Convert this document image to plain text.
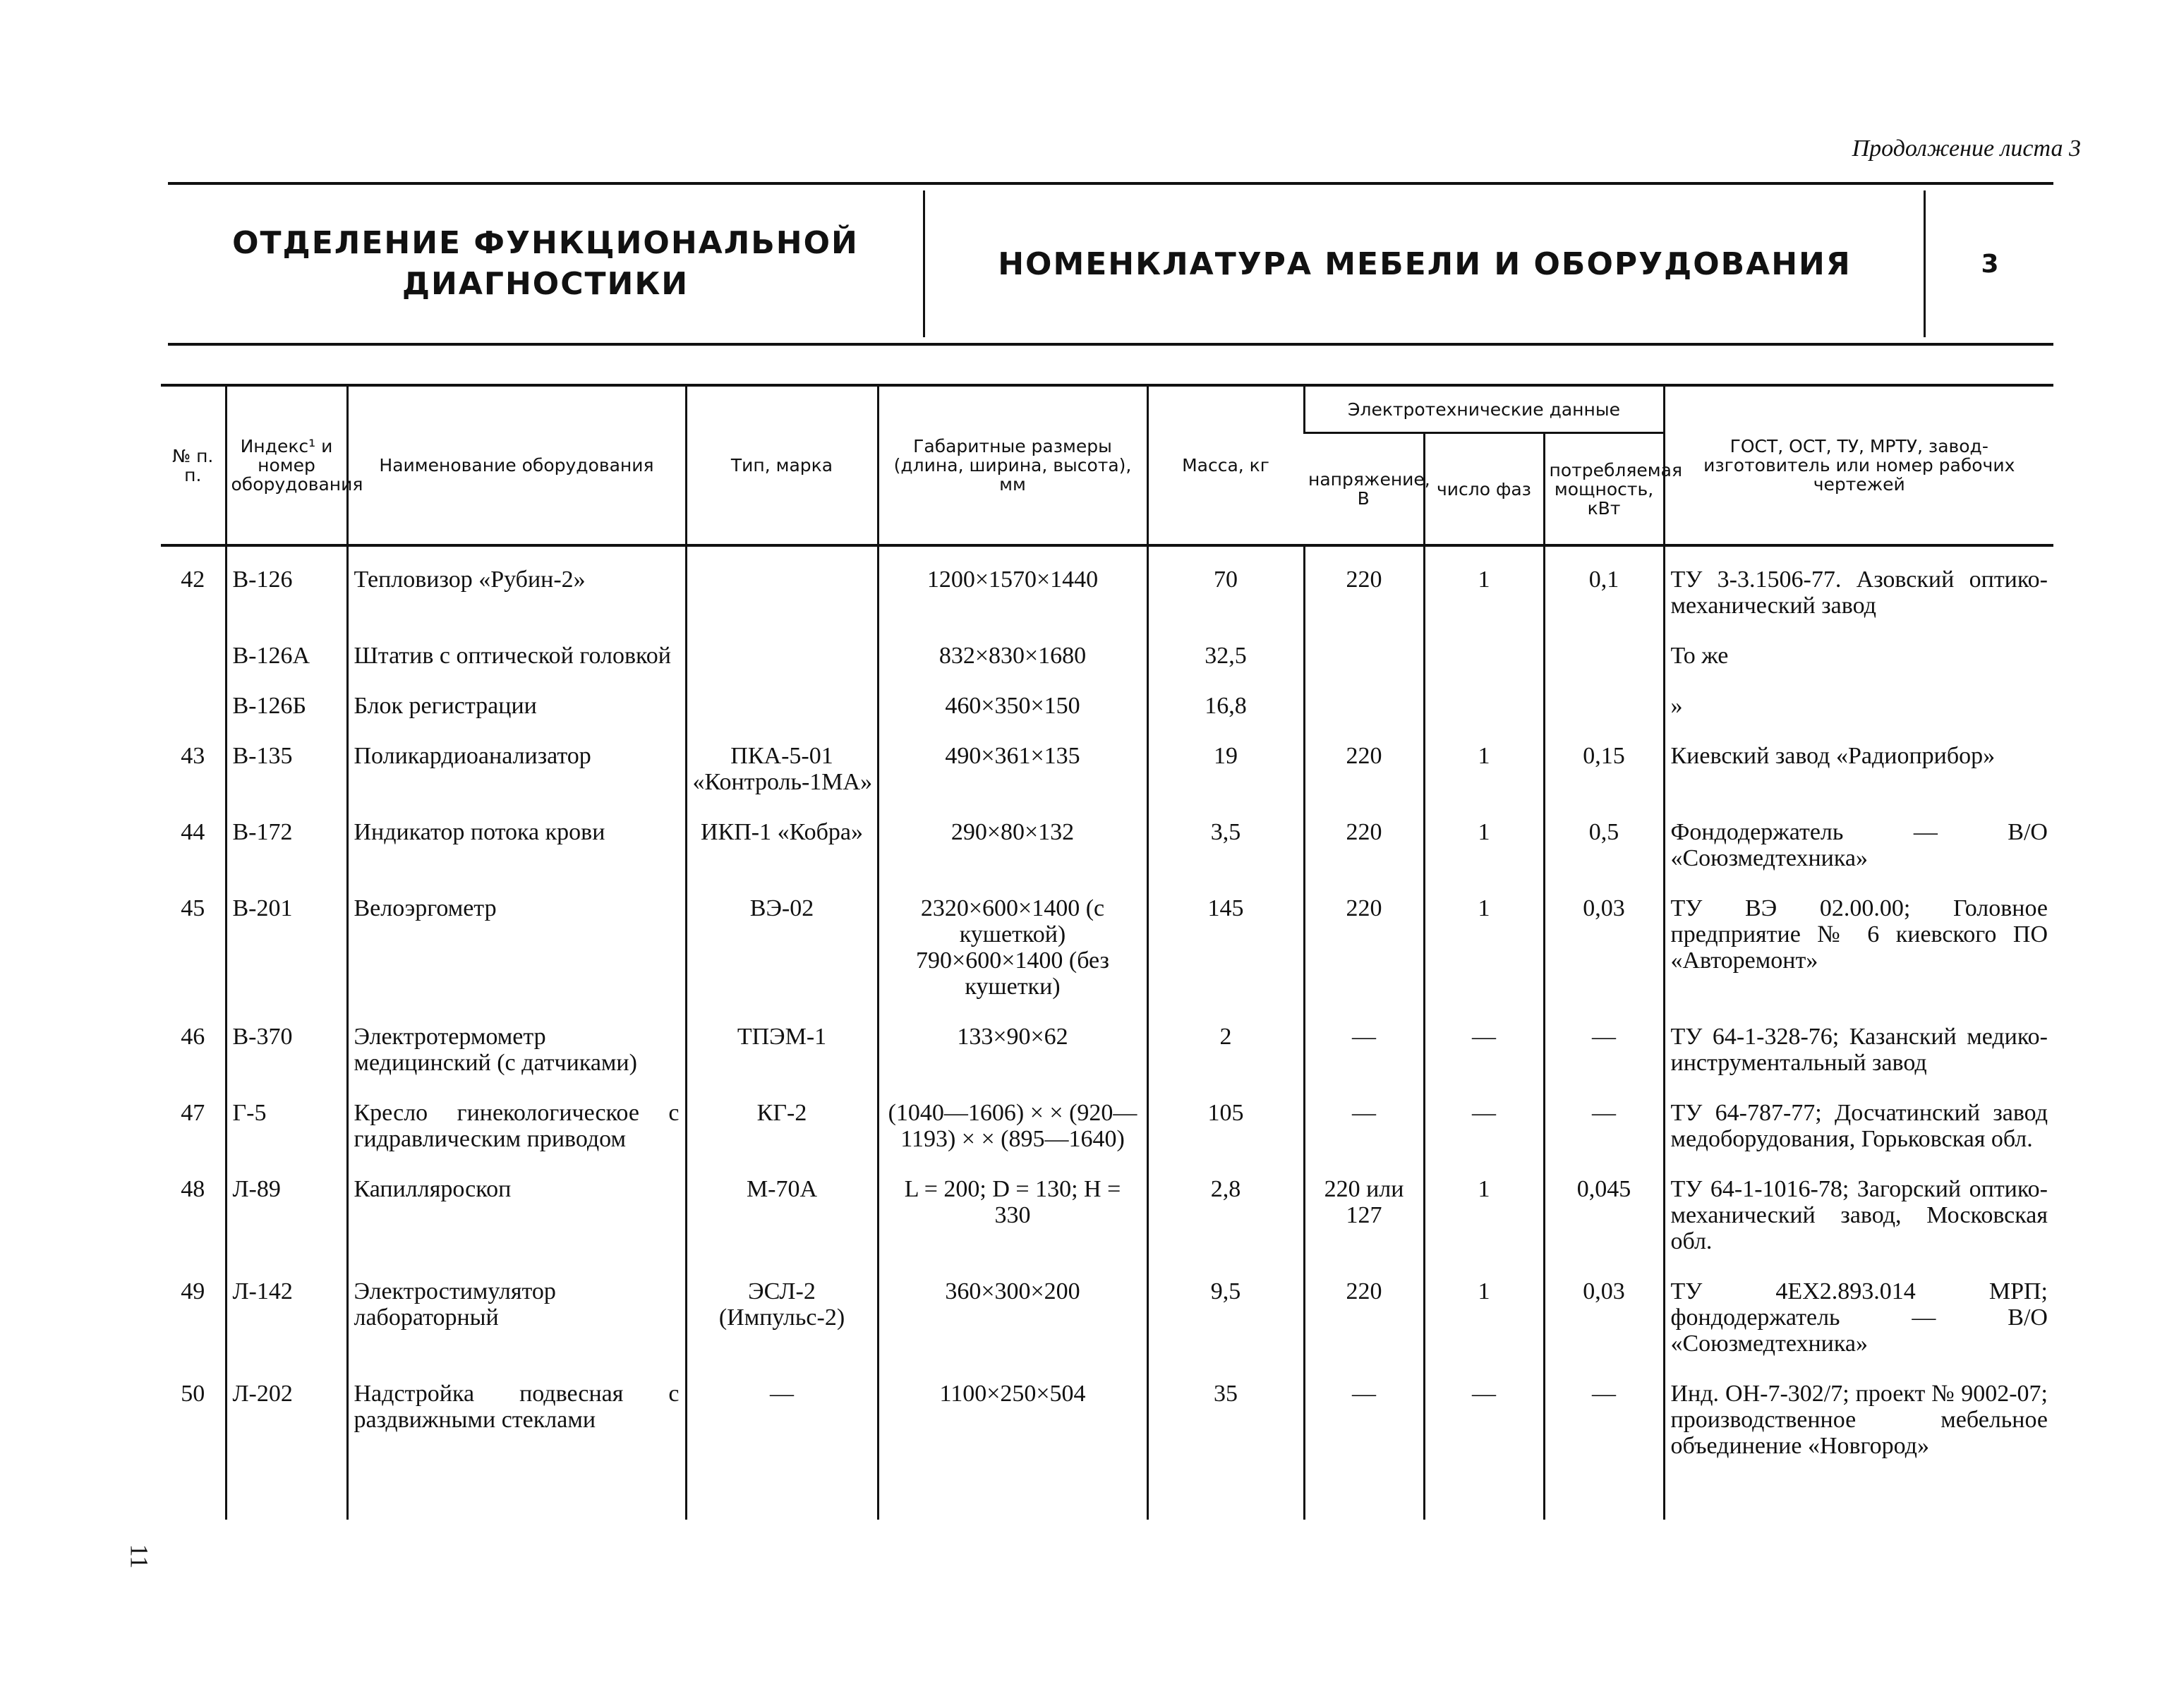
Продолжение листа 3
ОТДЕЛЕНИЕ ФУНКЦИОНАЛЬНОЙ
ДИАГНОСТИКИ
НОМЕНКЛАТУРА МЕБЕЛИ И ОБОРУДОВАНИЯ	3
№ п. п.	Индекс¹ и номер оборудования	Наименование оборудования	Тип, марка	Габаритные размеры (длина, ширина, высота), мм	Масса, кг	Электротехнические данные			ГОСТ, ОСТ, ТУ, МРТУ, завод-изготовитель или номер рабочих чертежей
						напряжение, В	число фаз	потребляемая мощность, кВт	
42	В-126	Тепловизор «Рубин-2»		1200×1570×1440	70	220	1	0,1	ТУ 3-3.1506-77. Азовский оптико-механический завод
	В-126А	Штатив с оптической головкой		832×830×1680	32,5				То же
	В-126Б	Блок регистрации		460×350×150	16,8				»
43	В-135	Поликардиоанализатор	ПКА-5-01 «Контроль-1МА»	490×361×135	19	220	1	0,15	Киевский завод «Радиоприбор»
44	В-172	Индикатор потока крови	ИКП-1 «Кобра»	290×80×132	3,5	220	1	0,5	Фондодержатель — В/О «Союзмедтехника»
45	В-201	Велоэргометр	ВЭ-02	2320×600×1400 (с кушеткой) 790×600×1400 (без кушетки)	145	220	1	0,03	ТУ ВЭ 02.00.00; Головное предприятие № 6 киевского ПО «Авторемонт»
46	В-370	Электротермометр медицинский (с датчиками)	ТПЭМ-1	133×90×62	2	—	—	—	ТУ 64-1-328-76; Казанский медико-инструментальный завод
47	Г-5	Кресло гинекологическое с гидравлическим приводом	КГ-2	(1040—1606) × × (920—1193) × × (895—1640)	105	—	—	—	ТУ 64-787-77; Досчатинский завод медоборудования, Горьковская обл.
48	Л-89	Капилляроскоп	М-70А	L = 200; D = 130; H = 330	2,8	220 или 127	1	0,045	ТУ 64-1-1016-78; Загорский оптико-механический завод, Московская обл.
49	Л-142	Электростимулятор лабораторный	ЭСЛ-2 (Импульс-2)	360×300×200	9,5	220	1	0,03	ТУ 4ЕХ2.893.014 МРП; фондодержатель — В/О «Союзмедтехника»
50	Л-202	Надстройка подвесная с раздвижными стеклами	—	1100×250×504	35	—	—	—	Инд. ОН-7-302/7; проект № 9002-07; производственное мебельное объединение «Новгород»
11
